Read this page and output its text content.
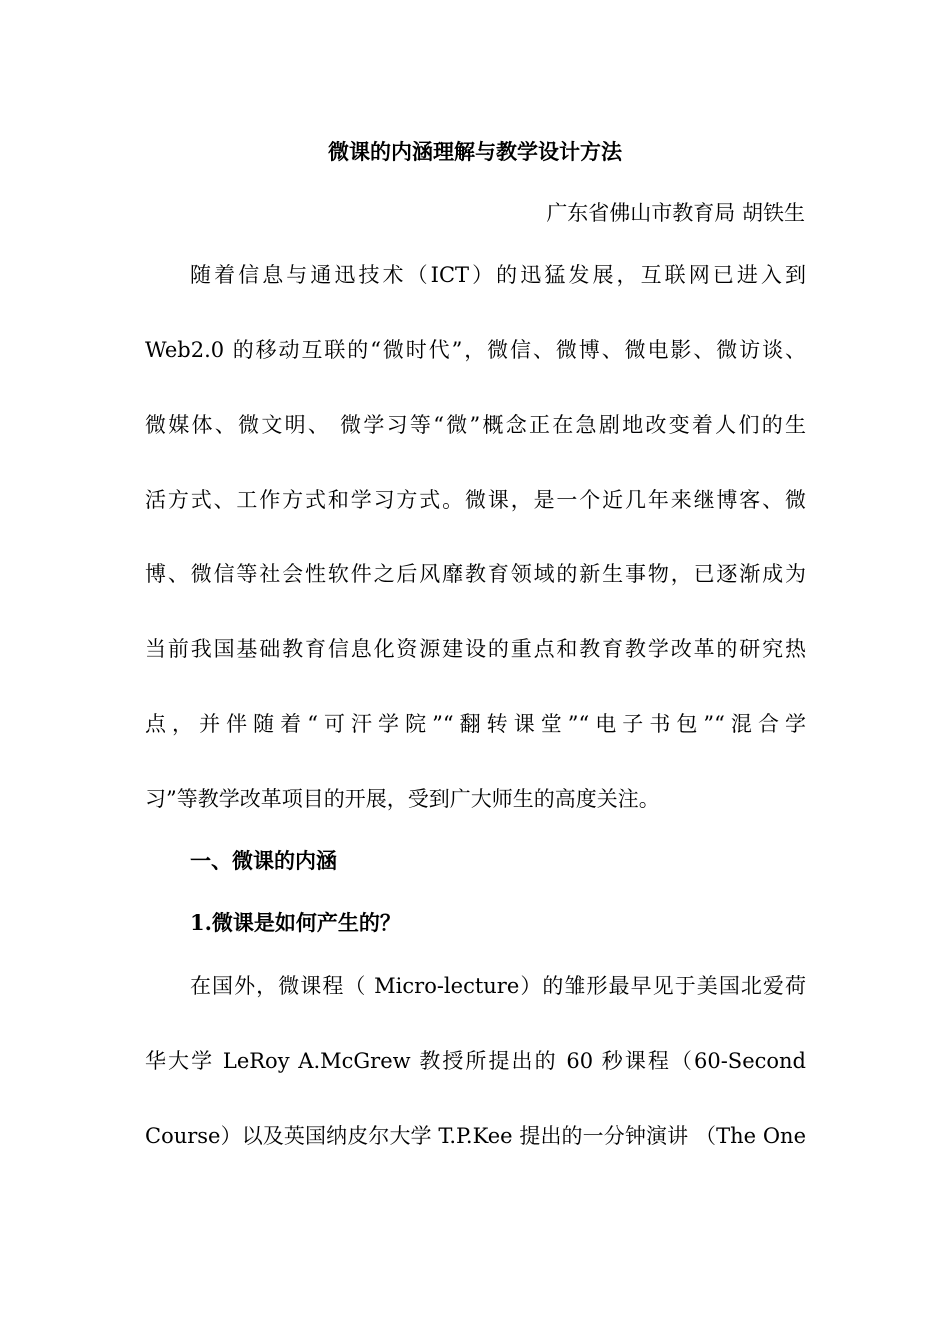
微课的内涵理解与教学设计方法

广东省佛山市教育局 胡铁生

随着信息与通迅技术（ICT）的迅猛发展，互联网已进入到

Web2.0 的移动互联的“微时代”，微信、微博、微电影、微访谈、

微媒体、微文明、 微学习等“微”概念正在急剧地改变着人们的生

活方式、工作方式和学习方式。微课，是一个近几年来继博客、微

博、微信等社会性软件之后风靡教育领域的新生事物，已逐渐成为

当前我国基础教育信息化资源建设的重点和教育教学改革的研究热

点，并伴随着“可汗学院”“翻转课堂”“电子书包”“混合学

习”等教学改革项目的开展，受到广大师生的高度关注。

一、微课的内涵
1.微课是如何产生的？

在国外，微课程（ Micro-lecture）的雏形最早见于美国北爱荷

华大学 LeRoy A.McGrew 教授所提出的 60 秒课程（60-Second

Course）以及英国纳皮尔大学 T.P.Kee 提出的一分钟演讲 （The One
